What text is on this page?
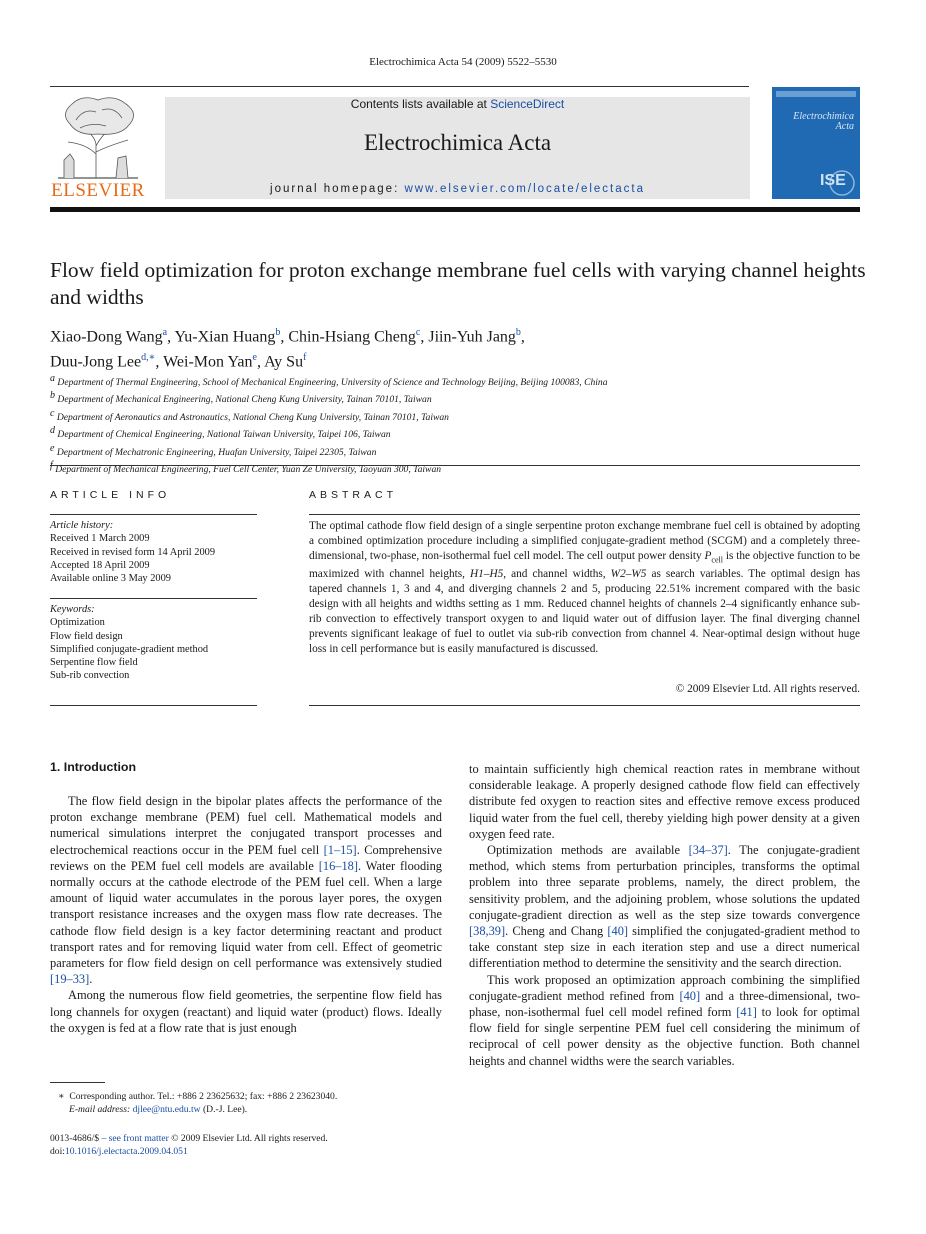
Electrochimica Acta 54 (2009) 5522–5530
ELSEVIER
Contents lists available at ScienceDirect
Electrochimica Acta
journal homepage: www.elsevier.com/locate/electacta
Electrochimica Acta
ISE
Flow field optimization for proton exchange membrane fuel cells with varying channel heights and widths
Xiao-Dong Wang$^a$, Yu-Xian Huang$^b$, Chin-Hsiang Cheng$^c$, Jiin-Yuh Jang$^b$,
Duu-Jong Lee$^{d,∗}$, Wei-Mon Yan$^e$, Ay Su$^f$
$^a$ Department of Thermal Engineering, School of Mechanical Engineering, University of Science and Technology Beijing, Beijing 100083, China
$^b$ Department of Mechanical Engineering, National Cheng Kung University, Tainan 70101, Taiwan
$^c$ Department of Aeronautics and Astronautics, National Cheng Kung University, Tainan 70101, Taiwan
$^d$ Department of Chemical Engineering, National Taiwan University, Taipei 106, Taiwan
$^e$ Department of Mechatronic Engineering, Huafan University, Taipei 22305, Taiwan
$^f$ Department of Mechanical Engineering, Fuel Cell Center, Yuan Ze University, Taoyuan 300, Taiwan
ARTICLE INFO
Article history:
Received 1 March 2009
Received in revised form 14 April 2009
Accepted 18 April 2009
Available online 3 May 2009
Keywords:
Optimization
Flow field design
Simplified conjugate-gradient method
Serpentine flow field
Sub-rib convection
ABSTRACT
The optimal cathode flow field design of a single serpentine proton exchange membrane fuel cell is obtained by adopting a combined optimization procedure including a simplified conjugate-gradient method (SCGM) and a completely three-dimensional, two-phase, non-isothermal fuel cell model. The cell output power density $P_{cell}$ is the objective function to be maximized with channel heights, H1–H5, and channel widths, W2–W5 as search variables. The optimal design has tapered channels 1, 3 and 4, and diverging channels 2 and 5, producing 22.51% increment compared with the basic design with all heights and widths setting as 1 mm. Reduced channel heights of channels 2–4 significantly enhance sub-rib convection to effectively transport oxygen to and liquid water out of diffusion layer. The final diverging channel prevents significant leakage of fuel to outlet via sub-rib convection from channel 4. Near-optimal design without huge loss in cell performance but is easily manufactured is discussed.
© 2009 Elsevier Ltd. All rights reserved.
1. Introduction

The flow field design in the bipolar plates affects the performance of the proton exchange membrane (PEM) fuel cell. Mathematical models and numerical simulations interpret the conjugated transport processes and electrochemical reactions occur in the PEM fuel cell [1–15]. Comprehensive reviews on the PEM fuel cell models are available [16–18]. Water flooding normally occurs at the cathode electrode of the PEM fuel cell. When a large amount of liquid water accumulates in the porous layer pores, the oxygen transport resistance increases and the oxygen mass flow rate decreases. The cathode flow field design is a key factor determining reactant and product transport rates and for removing liquid water from cell. Effect of geometric parameters for flow field design on cell performance was extensively studied [19–33].

Among the numerous flow field geometries, the serpentine flow field has long channels for oxygen (reactant) and liquid water (product) flows. Ideally the oxygen is fed at a flow rate that is just enough

to maintain sufficiently high chemical reaction rates in membrane without considerable leakage. A properly designed cathode flow field can effectively distribute fed oxygen to reaction sites and effective remove excess produced liquid water from the fuel cell, thereby yielding high power density at a given oxygen feed rate.

Optimization methods are available [34–37]. The conjugate-gradient method, which stems from perturbation principles, transforms the optimal problem into three separate problems, namely, the direct problem, the sensitivity problem, and the adjoining problem, whose solutions the updated conjugate-gradient direction as well as the step size towards convergence [38,39]. Cheng and Chang [40] simplified the conjugated-gradient method to take constant step size in each iteration step and use a direct numerical differentiation method to determine the sensitivity and the search direction.

This work proposed an optimization approach combining the simplified conjugate-gradient method refined from [40] and a three-dimensional, two-phase, non-isothermal fuel cell model refined form [41] to look for optimal flow field for single serpentine PEM fuel cell considering the minimum of reciprocal of cell power density as the objective function. Both channel heights and channel widths were the search variables.

∗ Corresponding author. Tel.: +886 2 23625632; fax: +886 2 23623040.
E-mail address: djlee@ntu.edu.tw (D.-J. Lee).
0013-4686/$ – see front matter © 2009 Elsevier Ltd. All rights reserved.
doi:10.1016/j.electacta.2009.04.051
